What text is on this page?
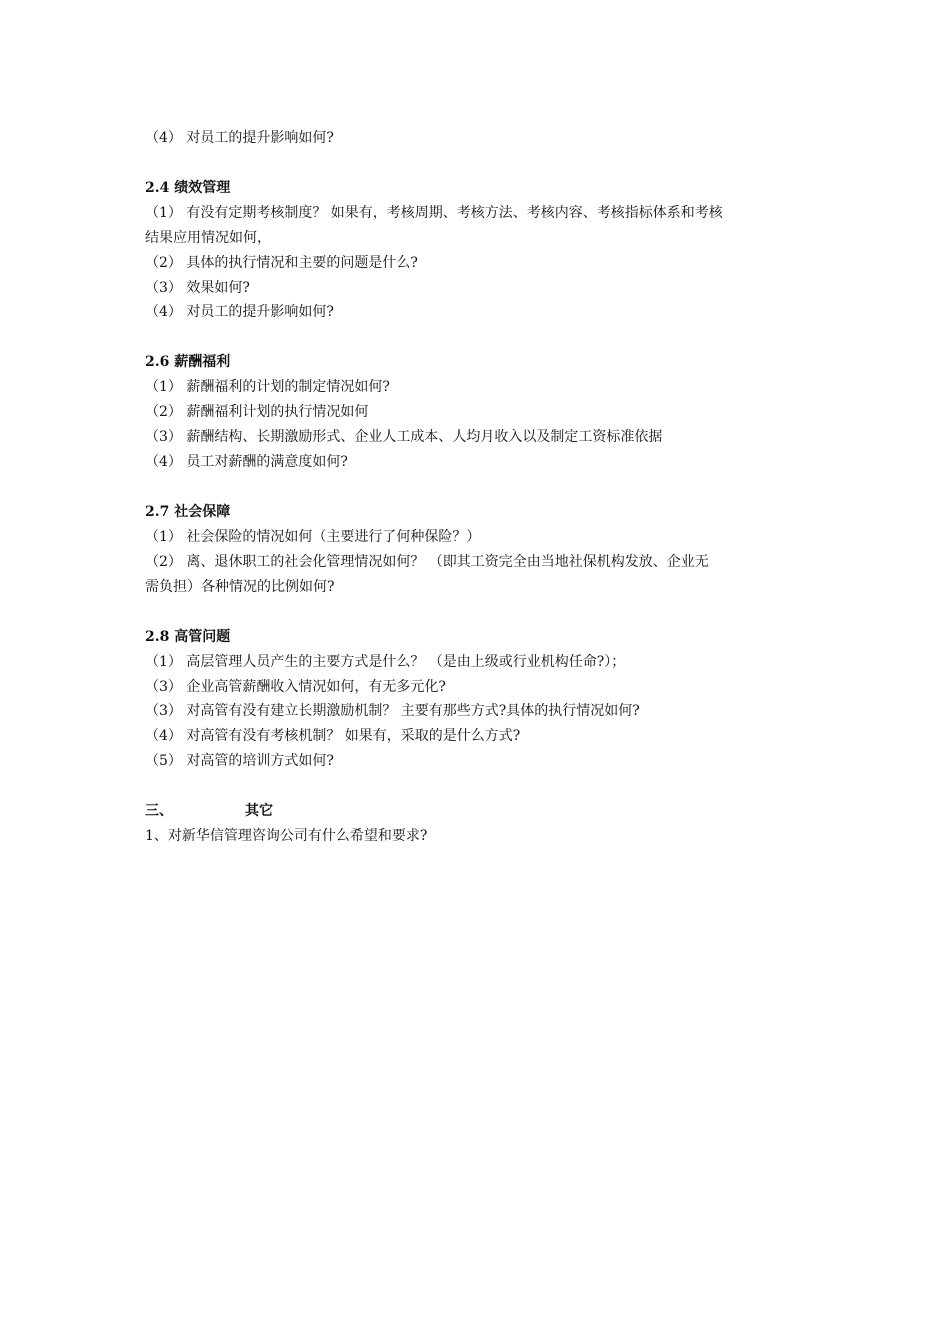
（4） 对员工的提升影响如何?
2.4 绩效管理
（1） 有没有定期考核制度？ 如果有，考核周期、考核方法、考核内容、考核指标体系和考核
结果应用情况如何，
（2） 具体的执行情况和主要的问题是什么?
（3） 效果如何?
（4） 对员工的提升影响如何?
2.6 薪酬福利
（1） 薪酬福利的计划的制定情况如何?
（2） 薪酬福利计划的执行情况如何
（3） 薪酬结构、长期激励形式、企业人工成本、人均月收入以及制定工资标准依据
（4） 员工对薪酬的满意度如何?
2.7 社会保障
（1） 社会保险的情况如何（主要进行了何种保险？）
（2） 离、退休职工的社会化管理情况如何？ （即其工资完全由当地社保机构发放、企业无
需负担）各种情况的比例如何?
2.8 高管问题
（1） 高层管理人员产生的主要方式是什么？ （是由上级或行业机构任命?）；
（3） 企业高管薪酬收入情况如何，有无多元化?
（3） 对高管有没有建立长期激励机制？ 主要有那些方式?具体的执行情况如何?
（4） 对高管有没有考核机制？ 如果有，采取的是什么方式?
（5） 对高管的培训方式如何?
三、	其它
1、对新华信管理咨询公司有什么希望和要求?
